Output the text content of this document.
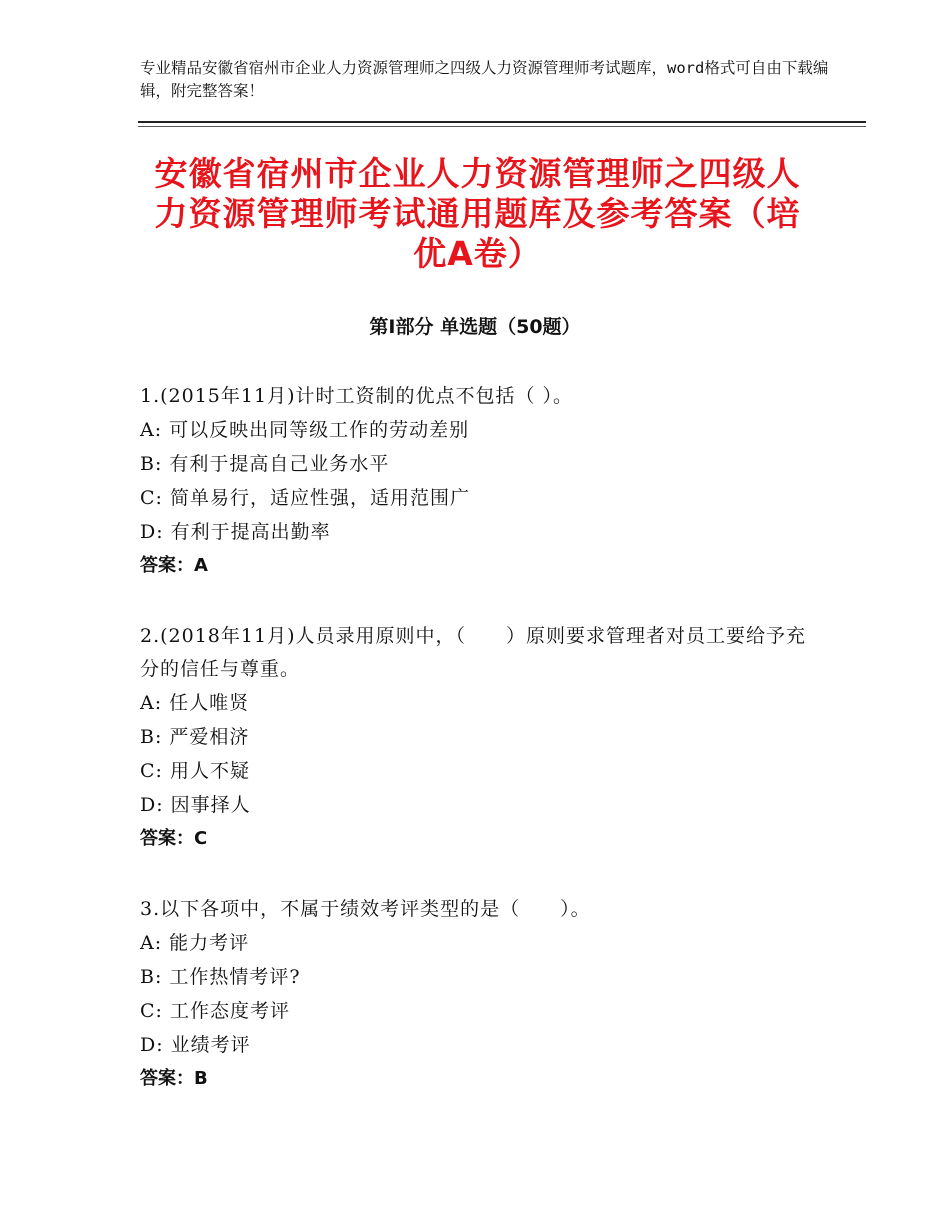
专业精品安徽省宿州市企业人力资源管理师之四级人力资源管理师考试题库，word格式可自由下载编辑，附完整答案！
安徽省宿州市企业人力资源管理师之四级人力资源管理师考试通用题库及参考答案（培优A卷）
第Ⅰ部分 单选题（50题）

1.(2015年11月)计时工资制的优点不包括（ ）。

A: 可以反映出同等级工作的劳动差别

B: 有利于提高自己业务水平

C: 简单易行，适应性强，适用范围广

D: 有利于提高出勤率

答案：A

2.(2018年11月)人员录用原则中，（　　）原则要求管理者对员工要给予充分的信任与尊重。

A: 任人唯贤

B: 严爱相济

C: 用人不疑

D: 因事择人

答案：C

3.以下各项中，不属于绩效考评类型的是（　　）。

A: 能力考评

B: 工作热情考评?

C: 工作态度考评

D: 业绩考评

答案：B
